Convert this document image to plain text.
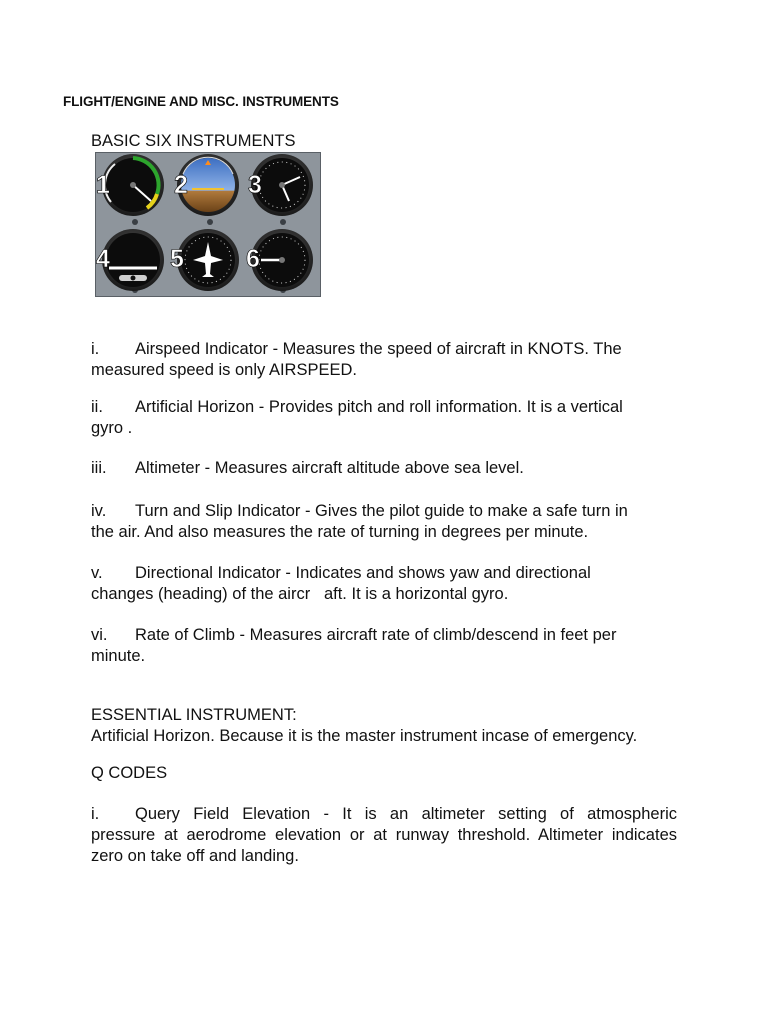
FLIGHT/ENGINE AND MISC. INSTRUMENTS
BASIC SIX INSTRUMENTS
1	2 3
4 5 6
i. Airspeed Indicator - Measures the speed of aircraft in KNOTS. The
measured speed is only AIRSPEED.
ii. Artificial Horizon - Provides pitch and roll information. It is a vertical
gyro .
iii. Altimeter - Measures aircraft altitude above sea level.
iv. Turn and Slip Indicator - Gives the pilot guide to make a safe turn in
the air. And also measures the rate of turning in degrees per minute.
v. Directional Indicator - Indicates and shows yaw and directional
changes (heading) of the aircr   aft. It is a horizontal gyro.
vi. Rate of Climb - Measures aircraft rate of climb/descend in feet per
minute.
ESSENTIAL INSTRUMENT:
Artificial Horizon. Because it is the master instrument incase of emergency.
Q CODES
i. Query Field Elevation - It is an altimeter setting of atmospheric
pressure at aerodrome elevation or at runway threshold. Altimeter indicates
zero on take off and landing.
